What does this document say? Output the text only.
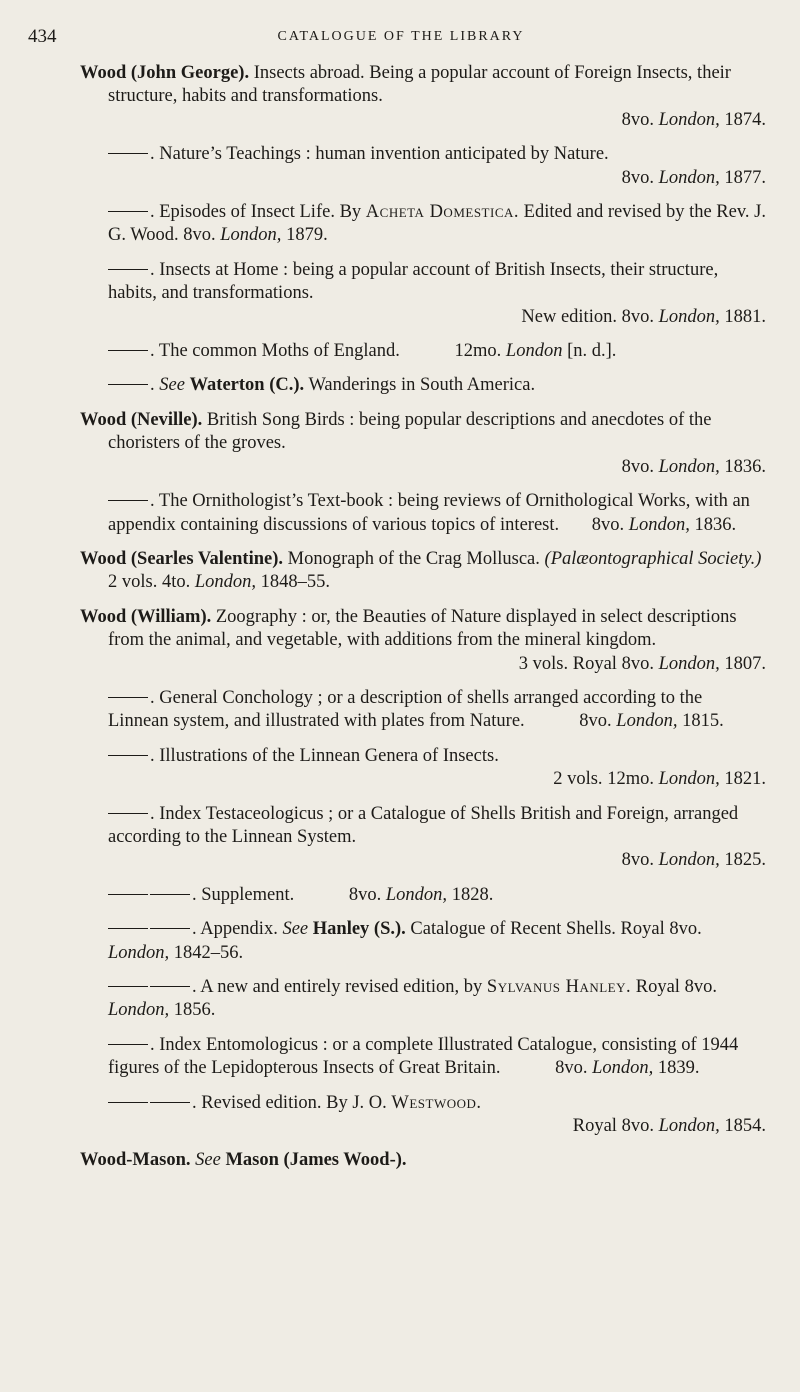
434	CATALOGUE OF THE LIBRARY
Wood (John George). Insects abroad. Being a popular account of Foreign Insects, their structure, habits and transformations.
8vo. London, 1874.
. Nature’s Teachings : human invention anticipated by Nature.
8vo. London, 1877.
. Episodes of Insect Life. By Acheta Domestica. Edited and revised by the Rev. J. G. Wood. 8vo. London, 1879.
. Insects at Home : being a popular account of British Insects, their structure, habits, and transformations.
New edition. 8vo. London, 1881.
. The common Moths of England.	12mo. London [n. d.].
. See Waterton (C.). Wanderings in South America.
Wood (Neville). British Song Birds : being popular descriptions and anecdotes of the choristers of the groves.
8vo. London, 1836.
. The Ornithologist’s Text-book : being reviews of Ornithological Works, with an appendix containing discussions of various topics of interest. 8vo. London, 1836.
Wood (Searles Valentine). Monograph of the Crag Mollusca. (Palæontographical Society.) 2 vols. 4to. London, 1848–55.
Wood (William). Zoography : or, the Beauties of Nature displayed in select descriptions from the animal, and vegetable, with additions from the mineral kingdom.
3 vols. Royal 8vo. London, 1807.
. General Conchology ; or a description of shells arranged according to the Linnean system, and illustrated with plates from Nature.	8vo. London, 1815.
. Illustrations of the Linnean Genera of Insects.
2 vols. 12mo. London, 1821.
. Index Testaceologicus ; or a Catalogue of Shells British and Foreign, arranged according to the Linnean System.
8vo. London, 1825.
. Supplement.	8vo. London, 1828.
. Appendix. See Hanley (S.). Catalogue of Recent Shells. Royal 8vo. London, 1842–56.
. A new and entirely revised edition, by Sylvanus Hanley. Royal 8vo. London, 1856.
. Index Entomologicus : or a complete Illustrated Catalogue, consisting of 1944 figures of the Lepidopterous Insects of Great Britain.	8vo. London, 1839.
. Revised edition. By J. O. Westwood.
Royal 8vo. London, 1854.
Wood-Mason. See Mason (James Wood-).
